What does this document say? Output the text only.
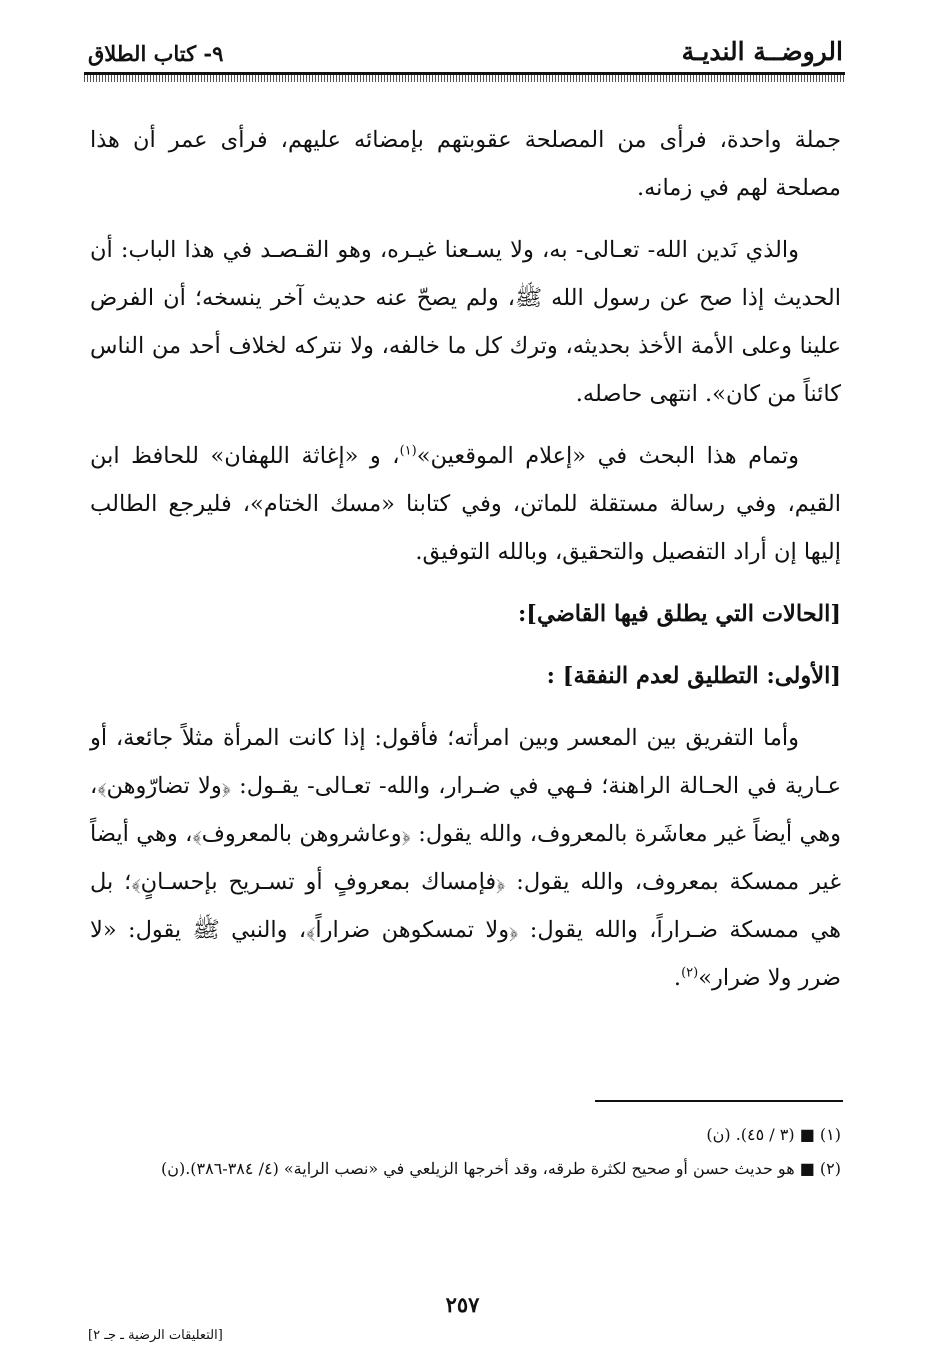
الروضــة النديـة
٩- كتاب الطلاق

جملة واحدة، فرأى من المصلحة عقوبتهم بإمضائه عليهم، فرأى عمر أن هذا مصلحة لهم في زمانه.

والذي نَدين الله- تعـالى- به، ولا يسـعنا غيـره، وهو القـصـد في هذا الباب: أن الحديث إذا صح عن رسول الله ﷺ، ولم يصحّ عنه حديث آخر ينسخه؛ أن الفرض علينا وعلى الأمة الأخذ بحديثه، وترك كل ما خالفه، ولا نتركه لخلاف أحد من الناس كائناً من كان». انتهى حاصله.

وتمام هذا البحث في «إعلام الموقعين»$^{(١)}$، و «إغاثة اللهفان» للحافظ ابن القيم، وفي رسالة مستقلة للماتن، وفي كتابنا «مسك الختام»، فليرجع الطالب إليها إن أراد التفصيل والتحقيق، وبالله التوفيق.

[الحالات التي يطلق فيها القاضي]:

[الأولى: التطليق لعدم النفقة] :

وأما التفريق بين المعسر وبين امرأته؛ فأقول: إذا كانت المرأة مثلاً جائعة، أو عـارية في الحـالة الراهنة؛ فـهي في ضـرار، والله- تعـالى- يقـول: ﴿ولا تضارّوهن﴾، وهي أيضاً غير معاشَرة بالمعروف، والله يقول: ﴿وعاشروهن بالمعروف﴾، وهي أيضاً غير ممسكة بمعروف، والله يقول: ﴿فإمساك بمعروفٍ أو تسـريح بإحسـانٍ﴾؛ بل هي ممسكة ضـراراً، والله يقول: ﴿ولا تمسكوهن ضراراً﴾، والنبي ﷺ يقول: «لا ضرر ولا ضرار»$^{(٢)}$.

(١) ■ (٣ / ٤٥). (ن)

(٢) ■ هو حديث حسن أو صحيح لكثرة طرقه، وقد أخرجها الزيلعي في «نصب الراية» (٤/ ٣٨٤-٣٨٦).(ن)

٢٥٧
[التعليقات الرضية ـ جـ ٢]
